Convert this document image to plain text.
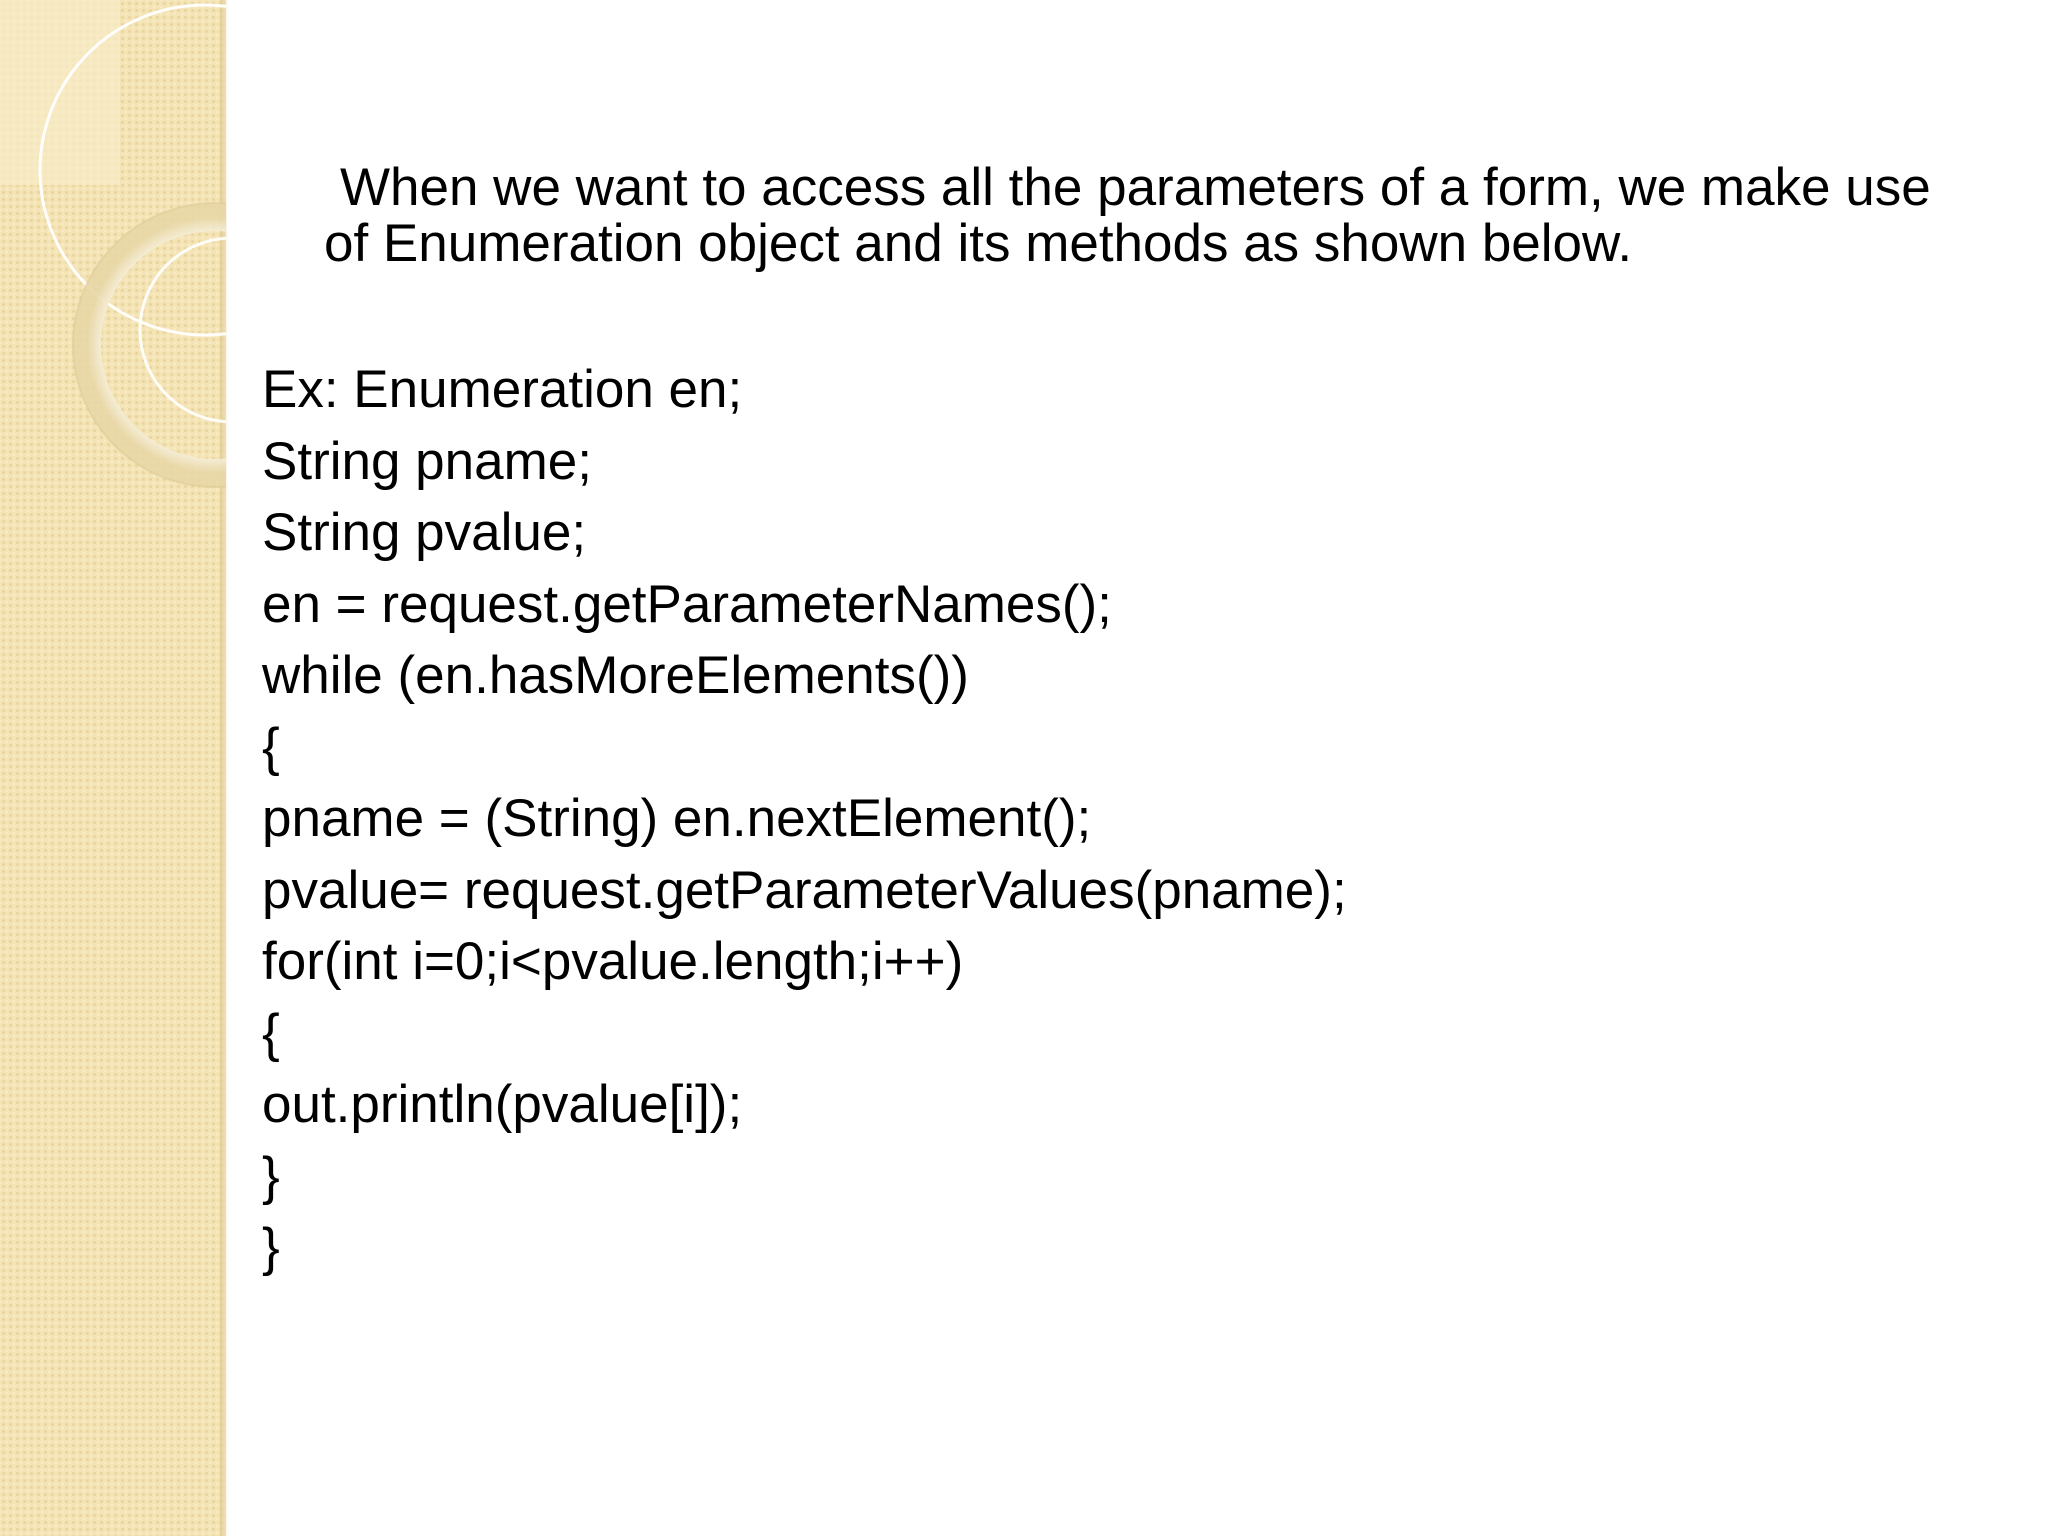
When we want to access all the parameters of a form, we make use of Enumeration object and its methods as shown below.

Ex: Enumeration en;
String pname;
String pvalue;
en = request.getParameterNames();
while (en.hasMoreElements())
{
pname = (String) en.nextElement();
pvalue= request.getParameterValues(pname);
for(int i=0;i<pvalue.length;i++)
{
out.println(pvalue[i]);
}
}
